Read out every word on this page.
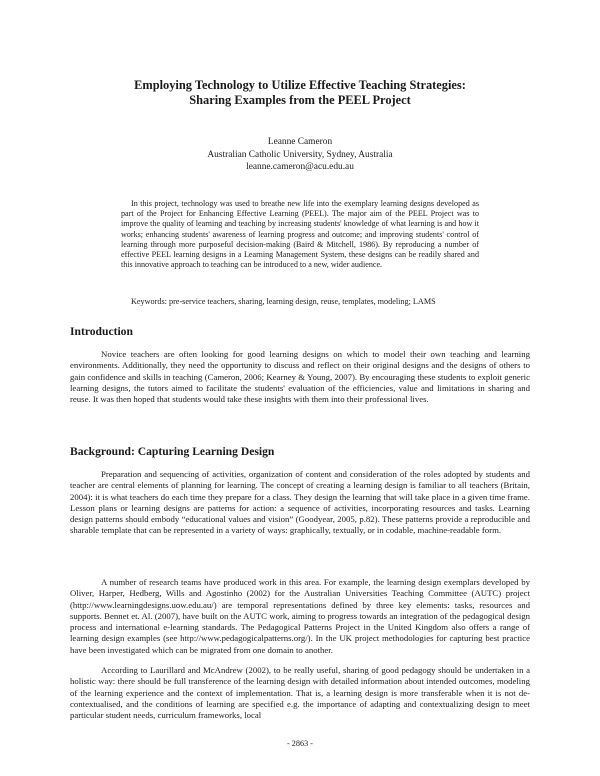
Employing Technology to Utilize Effective Teaching Strategies:
Sharing Examples from the PEEL Project
Leanne Cameron
Australian Catholic University, Sydney, Australia
leanne.cameron@acu.edu.au

In this project, technology was used to breathe new life into the exemplary learning designs developed as part of the Project for Enhancing Effective Learning (PEEL). The major aim of the PEEL Project was to improve the quality of learning and teaching by increasing students' knowledge of what learning is and how it works; enhancing students' awareness of learning progress and outcome; and improving students' control of learning through more purposeful decision-making (Baird & Mitchell, 1986). By reproducing a number of effective PEEL learning designs in a Learning Management System, these designs can be readily shared and this innovative approach to teaching can be introduced to a new, wider audience.

Keywords: pre-service teachers, sharing, learning design, reuse, templates, modeling; LAMS

Introduction

Novice teachers are often looking for good learning designs on which to model their own teaching and learning environments. Additionally, they need the opportunity to discuss and reflect on their original designs and the designs of others to gain confidence and skills in teaching (Cameron, 2006; Kearney & Young, 2007). By encouraging these students to exploit generic learning designs, the tutors aimed to facilitate the students' evaluation of the efficiencies, value and limitations in sharing and reuse. It was then hoped that students would take these insights with them into their professional lives.

Background: Capturing Learning Design

Preparation and sequencing of activities, organization of content and consideration of the roles adopted by students and teacher are central elements of planning for learning. The concept of creating a learning design is familiar to all teachers (Britain, 2004): it is what teachers do each time they prepare for a class. They design the learning that will take place in a given time frame. Lesson plans or learning designs are patterns for action: a sequence of activities, incorporating resources and tasks. Learning design patterns should embody “educational values and vision” (Goodyear, 2005, p.82). These patterns provide a reproducible and sharable template that can be represented in a variety of ways: graphically, textually, or in codable, machine-readable form.

A number of research teams have produced work in this area. For example, the learning design exemplars developed by Oliver, Harper, Hedberg, Wills and Agostinho (2002) for the Australian Universities Teaching Committee (AUTC) project (http://www.learningdesigns.uow.edu.au/) are temporal representations defined by three key elements: tasks, resources and supports. Bennet et. Al. (2007), have built on the AUTC work, aiming to progress towards an integration of the pedagogical design process and international e-learning standards. The Pedagogical Patterns Project in the United Kingdom also offers a range of learning design examples (see http://www.pedagogicalpatterns.org/). In the UK project methodologies for capturing best practice have been investigated which can be migrated from one domain to another.

According to Laurillard and McAndrew (2002), to be really useful, sharing of good pedagogy should be undertaken in a holistic way: there should be full transference of the learning design with detailed information about intended outcomes, modeling of the learning experience and the context of implementation. That is, a learning design is more transferable when it is not de-contextualised, and the conditions of learning are specified e.g. the importance of adapting and contextualizing design to meet particular student needs, curriculum frameworks, local

- 2863 -
